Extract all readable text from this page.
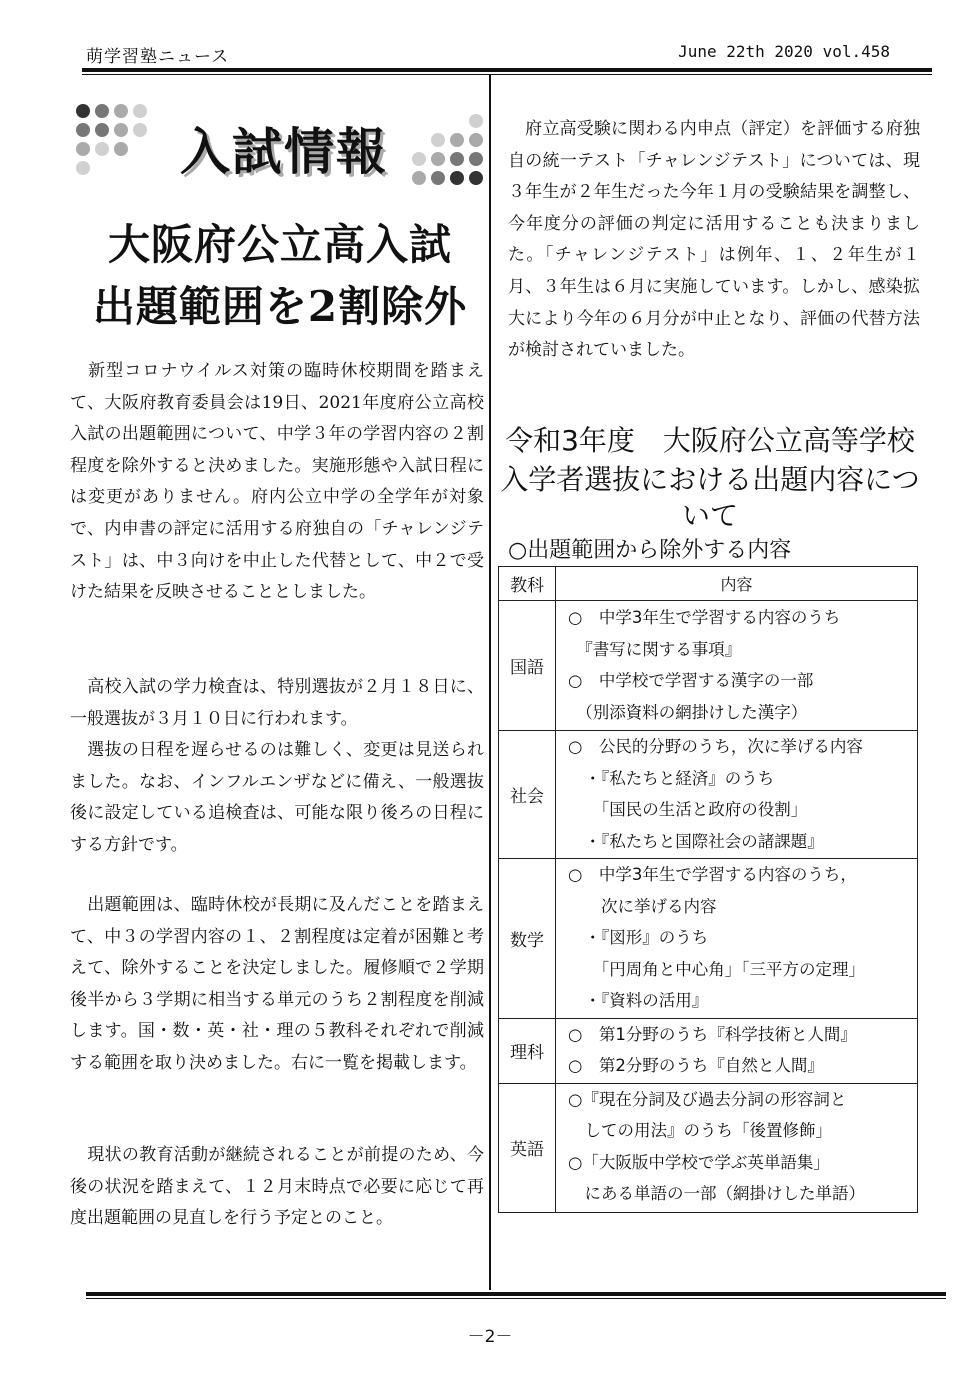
萌学習塾ニュース	June 22th 2020 vol.458
入試情報
大阪府公立高入試
出題範囲を2割除外
　新型コロナウイルス対策の臨時休校期間を踏まえて、大阪府教育委員会は19日、2021年度府公立高校入試の出題範囲について、中学３年の学習内容の２割程度を除外すると決めました。実施形態や入試日程には変更がありません。府内公立中学の全学年が対象で、内申書の評定に活用する府独自の「チャレンジテスト」は、中３向けを中止した代替として、中２で受けた結果を反映させることとしました。
　高校入試の学力検査は、特別選抜が２月１８日に、一般選抜が３月１０日に行われます。
　選抜の日程を遅らせるのは難しく、変更は見送られました。なお、インフルエンザなどに備え、一般選抜後に設定している追検査は、可能な限り後ろの日程にする方針です。
　出題範囲は、臨時休校が長期に及んだことを踏まえて、中３の学習内容の１、２割程度は定着が困難と考えて、除外することを決定しました。履修順で２学期後半から３学期に相当する単元のうち２割程度を削減します。国・数・英・社・理の５教科それぞれで削減する範囲を取り決めました。右に一覧を掲載します。
　現状の教育活動が継続されることが前提のため、今後の状況を踏まえて、１２月末時点で必要に応じて再度出題範囲の見直しを行う予定とのこと。
　府立高受験に関わる内申点（評定）を評価する府独自の統一テスト「チャレンジテスト」については、現３年生が２年生だった今年１月の受験結果を調整し、今年度分の評価の判定に活用することも決まりました。「チャレンジテスト」は例年、１、２年生が１月、３年生は６月に実施しています。しかし、感染拡大により今年の６月分が中止となり、評価の代替方法が検討されていました。
令和3年度　大阪府公立高等学校
入学者選抜における出題内容について
○出題範囲から除外する内容
教科	内容
国語
○　中学3年生で学習する内容のうち
　『書写に関する事項』
○　中学校で学習する漢字の一部
　（別添資料の網掛けした漢字）
社会
○　公民的分野のうち，次に挙げる内容
　・『私たちと経済』のうち
　　「国民の生活と政府の役割」
　・『私たちと国際社会の諸課題』
数学
○　中学3年生で学習する内容のうち，
　　次に挙げる内容
　・『図形』のうち
　　「円周角と中心角」「三平方の定理」
　・『資料の活用』
理科
○　第1分野のうち『科学技術と人間』
○　第2分野のうち『自然と人間』
英語
○『現在分詞及び過去分詞の形容詞と
　しての用法』のうち「後置修飾」
○「大阪版中学校で学ぶ英単語集」
　にある単語の一部（網掛けした単語）
－2－
